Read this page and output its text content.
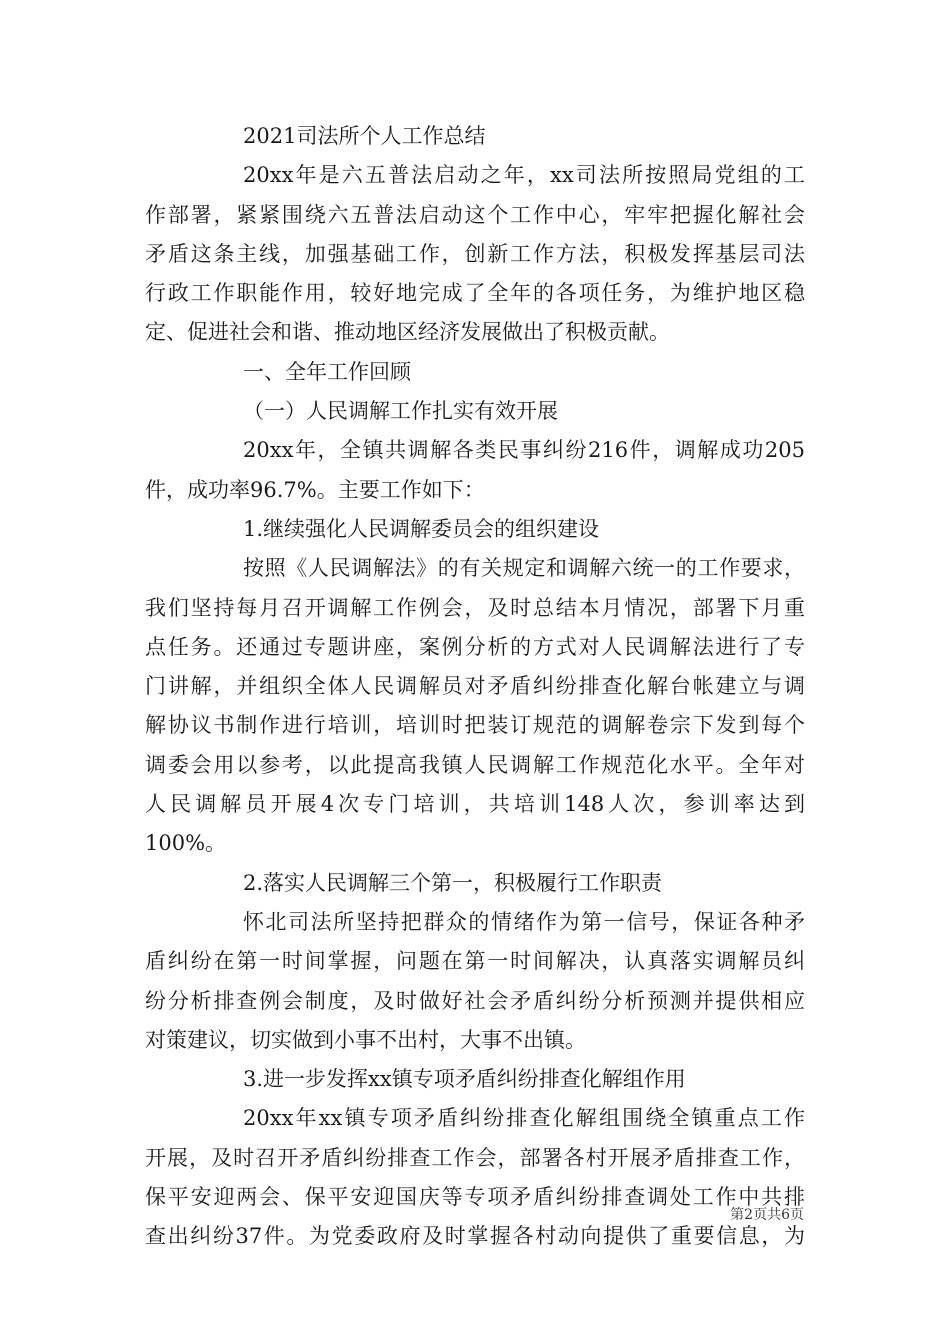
2021司法所个人工作总结
20xx年是六五普法启动之年，xx司法所按照局党组的工
作部署，紧紧围绕六五普法启动这个工作中心，牢牢把握化解社会
矛盾这条主线，加强基础工作，创新工作方法，积极发挥基层司法
行政工作职能作用，较好地完成了全年的各项任务，为维护地区稳
定、促进社会和谐、推动地区经济发展做出了积极贡献。
一、全年工作回顾
（一）人民调解工作扎实有效开展
20xx年，全镇共调解各类民事纠纷216件，调解成功205
件，成功率96.7%。主要工作如下：
1.继续强化人民调解委员会的组织建设
按照《人民调解法》的有关规定和调解六统一的工作要求，
我们坚持每月召开调解工作例会，及时总结本月情况，部署下月重
点任务。还通过专题讲座，案例分析的方式对人民调解法进行了专
门讲解，并组织全体人民调解员对矛盾纠纷排查化解台帐建立与调
解协议书制作进行培训，培训时把装订规范的调解卷宗下发到每个
调委会用以参考，以此提高我镇人民调解工作规范化水平。全年对
人民调解员开展4次专门培训，共培训148人次，参训率达到
100%。
2.落实人民调解三个第一，积极履行工作职责
怀北司法所坚持把群众的情绪作为第一信号，保证各种矛
盾纠纷在第一时间掌握，问题在第一时间解决，认真落实调解员纠
纷分析排查例会制度，及时做好社会矛盾纠纷分析预测并提供相应
对策建议，切实做到小事不出村，大事不出镇。
3.进一步发挥xx镇专项矛盾纠纷排查化解组作用
20xx年xx镇专项矛盾纠纷排查化解组围绕全镇重点工作
开展，及时召开矛盾纠纷排查工作会，部署各村开展矛盾排查工作，
保平安迎两会、保平安迎国庆等专项矛盾纠纷排查调处工作中共排
查出纠纷37件。为党委政府及时掌握各村动向提供了重要信息，为
第2页共6页
